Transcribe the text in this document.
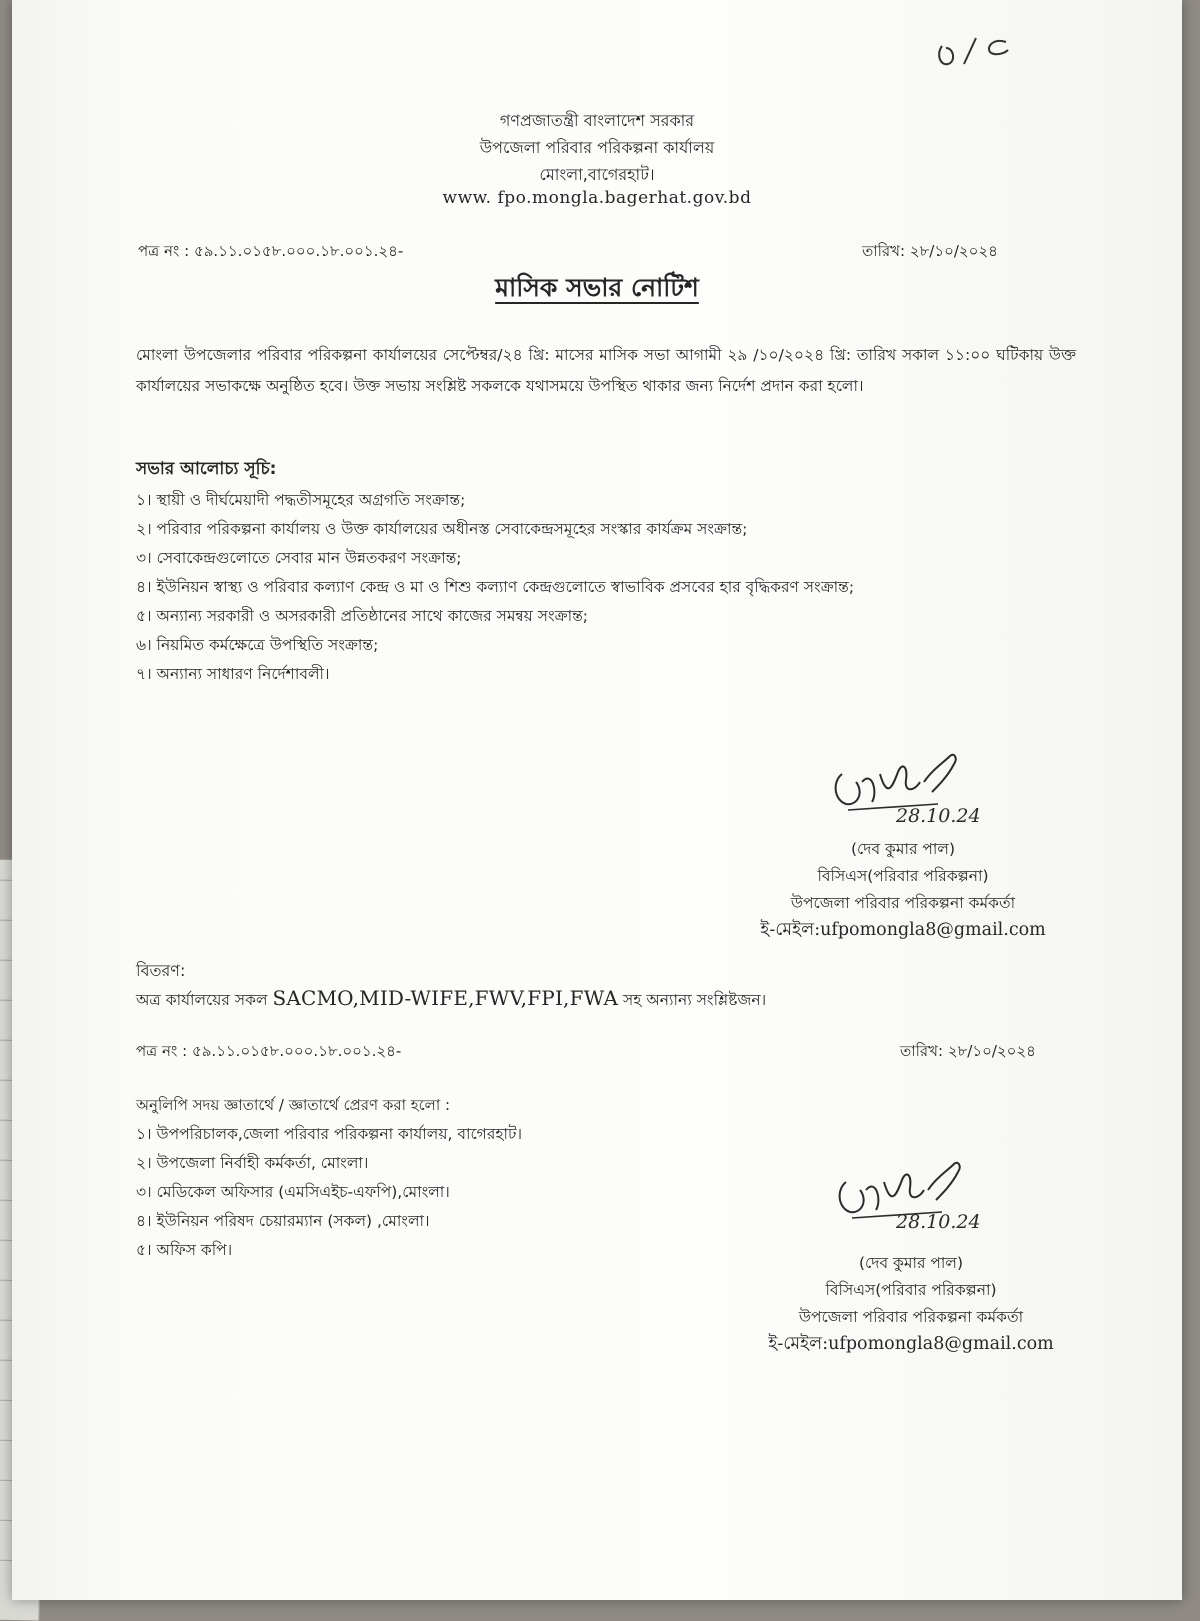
গণপ্রজাতন্ত্রী বাংলাদেশ সরকার
উপজেলা পরিবার পরিকল্পনা কার্যালয়
মোংলা,বাগেরহাট।
www. fpo.mongla.bagerhat.gov.bd
পত্র নং : ৫৯.১১.০১৫৮.০০০.১৮.০০১.২৪-	তারিখ: ২৮/১০/২০২৪
মাসিক সভার নোটিশ
মোংলা উপজেলার পরিবার পরিকল্পনা কার্যালয়ের সেপ্টেম্বর/২৪ খ্রি: মাসের মাসিক সভা আগামী ২৯ /১০/২০২৪ খ্রি: তারিখ সকাল ১১:০০ ঘটিকায় উক্ত কার্যালয়ের সভাকক্ষে অনুষ্ঠিত হবে। উক্ত সভায় সংশ্লিষ্ট সকলকে যথাসময়ে উপস্থিত থাকার জন্য নির্দেশ প্রদান করা হলো।
সভার আলোচ্য সূচি:
১। স্থায়ী ও দীর্ঘমেয়াদী পদ্ধতীসমূহের অগ্রগতি সংক্রান্ত;
২। পরিবার পরিকল্পনা কার্যালয় ও উক্ত কার্যালয়ের অধীনস্ত সেবাকেন্দ্রসমূহের সংস্কার কার্যক্রম সংক্রান্ত;
৩। সেবাকেন্দ্রগুলোতে সেবার মান উন্নতকরণ সংক্রান্ত;
৪। ইউনিয়ন স্বাস্থ্য ও পরিবার কল্যাণ কেন্দ্র ও মা ও শিশু কল্যাণ কেন্দ্রগুলোতে স্বাভাবিক প্রসবের হার বৃদ্ধিকরণ সংক্রান্ত;
৫। অন্যান্য সরকারী ও অসরকারী প্রতিষ্ঠানের সাথে কাজের সমন্বয় সংক্রান্ত;
৬। নিয়মিত কর্মক্ষেত্রে উপস্থিতি সংক্রান্ত;
৭। অন্যান্য সাধারণ নির্দেশাবলী।
28.10.24
(দেব কুমার পাল)
বিসিএস(পরিবার পরিকল্পনা)
উপজেলা পরিবার পরিকল্পনা কর্মকর্তা
ই-মেইল:ufpomongla8@gmail.com
বিতরণ:
অত্র কার্যালয়ের সকল SACMO,MID-WIFE,FWV,FPI,FWA সহ অন্যান্য সংশ্লিষ্টজন।
পত্র নং : ৫৯.১১.০১৫৮.০০০.১৮.০০১.২৪-	তারিখ: ২৮/১০/২০২৪
অনুলিপি সদয় জ্ঞাতার্থে / জ্ঞাতার্থে প্রেরণ করা হলো :
১। উপপরিচালক,জেলা পরিবার পরিকল্পনা কার্যালয়, বাগেরহাট।
২। উপজেলা নির্বাহী কর্মকর্তা, মোংলা।
৩। মেডিকেল অফিসার (এমসিএইচ-এফপি),মোংলা।
৪। ইউনিয়ন পরিষদ চেয়ারম্যান (সকল) ,মোংলা।
৫। অফিস কপি।
28.10.24
(দেব কুমার পাল)
বিসিএস(পরিবার পরিকল্পনা)
উপজেলা পরিবার পরিকল্পনা কর্মকর্তা
ই-মেইল:ufpomongla8@gmail.com
